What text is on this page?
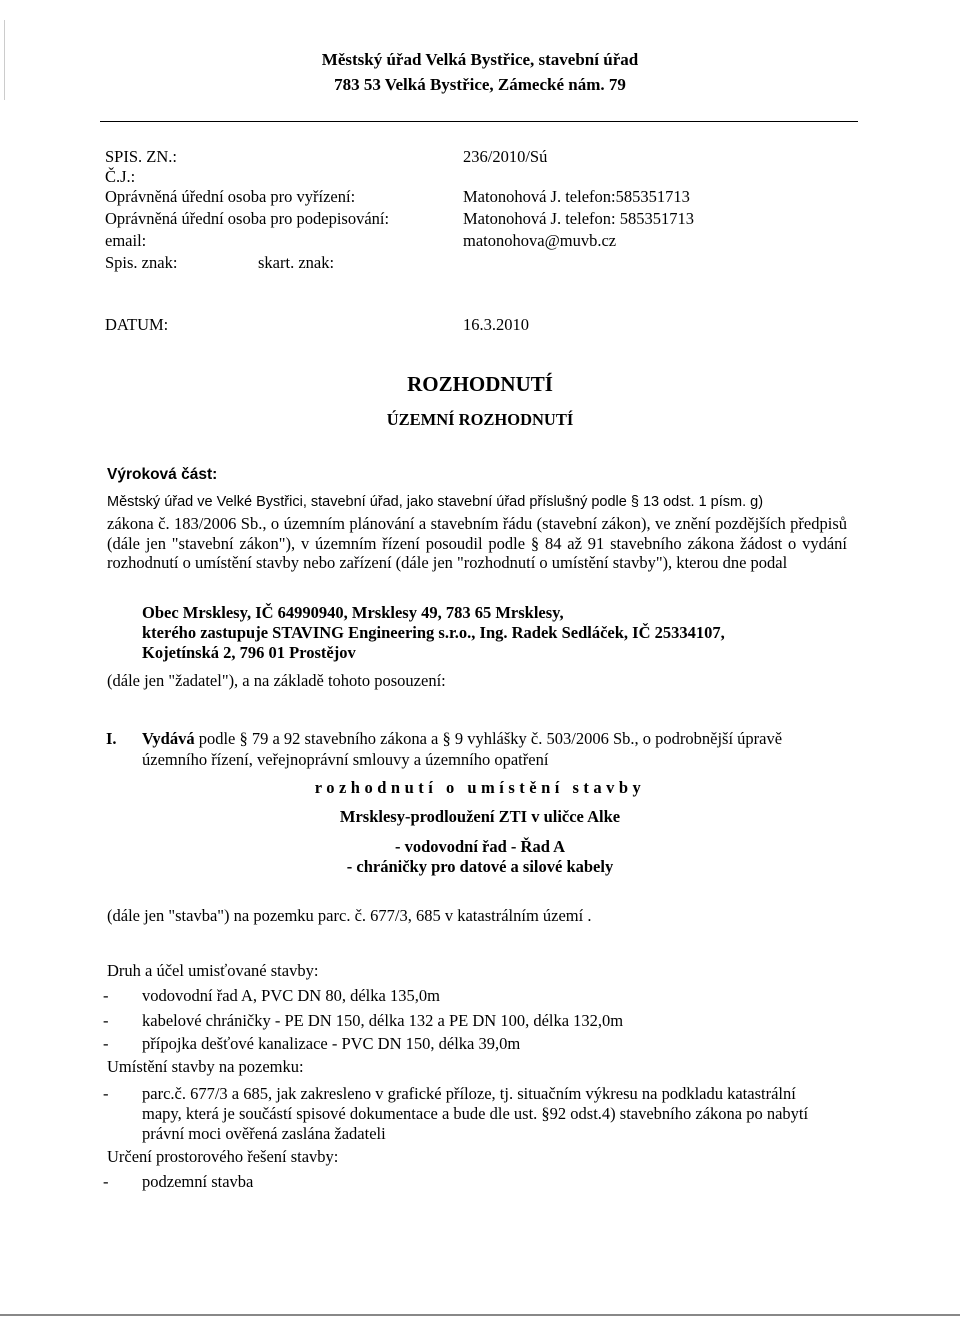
Městský úřad Velká Bystřice, stavební úřad
783 53 Velká Bystřice, Zámecké nám. 79
SPIS. ZN.:	236/2010/Sú
Č.J.:
Oprávněná úřední osoba pro vyřízení:	Matonohová J. telefon:585351713
Oprávněná úřední osoba pro podepisování:	Matonohová J. telefon: 585351713
email:	matonohova@muvb.cz
Spis. znak:	skart. znak:
DATUM:	16.3.2010
ROZHODNUTÍ
ÚZEMNÍ ROZHODNUTÍ
Výroková část:
Městský úřad ve Velké Bystřici, stavební úřad, jako stavební úřad příslušný podle § 13 odst. 1 písm. g)
zákona č. 183/2006 Sb., o územním plánování a stavebním řádu (stavební zákon), ve znění pozdějších předpisů (dále jen "stavební zákon"), v územním řízení posoudil podle § 84 až 91 stavebního zákona žádost o vydání rozhodnutí o umístění stavby nebo zařízení (dále jen "rozhodnutí o umístění stavby"), kterou dne podal
Obec Mrsklesy, IČ 64990940, Mrsklesy 49, 783 65 Mrsklesy,
kterého zastupuje STAVING Engineering s.r.o., Ing. Radek Sedláček, IČ 25334107,
Kojetínská 2, 796 01 Prostějov
(dále jen "žadatel"), a na základě tohoto posouzení:
I. Vydává podle § 79 a 92 stavebního zákona a § 9 vyhlášky č. 503/2006 Sb., o podrobnější úpravě
územního řízení, veřejnoprávní smlouvy a územního opatření
rozhodnutí o umístění stavby
Mrsklesy-prodloužení ZTI v uličce Alke
- vodovodní řad - Řad A
- chráničky pro datové a silové kabely
(dále jen "stavba") na pozemku parc. č. 677/3, 685 v katastrálním území .
Druh a účel umisťované stavby:
- vodovodní řad A, PVC DN 80, délka 135,0m
- kabelové chráničky - PE DN 150, délka 132 a PE DN 100, délka 132,0m
- přípojka dešťové kanalizace - PVC DN 150, délka 39,0m
Umístění stavby na pozemku:
- parc.č. 677/3 a 685, jak zakresleno v grafické příloze, tj. situačním výkresu na podkladu katastrální
mapy, která je součástí spisové dokumentace a bude dle ust. §92 odst.4) stavebního zákona po nabytí
právní moci ověřená zaslána žadateli
Určení prostorového řešení stavby:
- podzemní stavba
